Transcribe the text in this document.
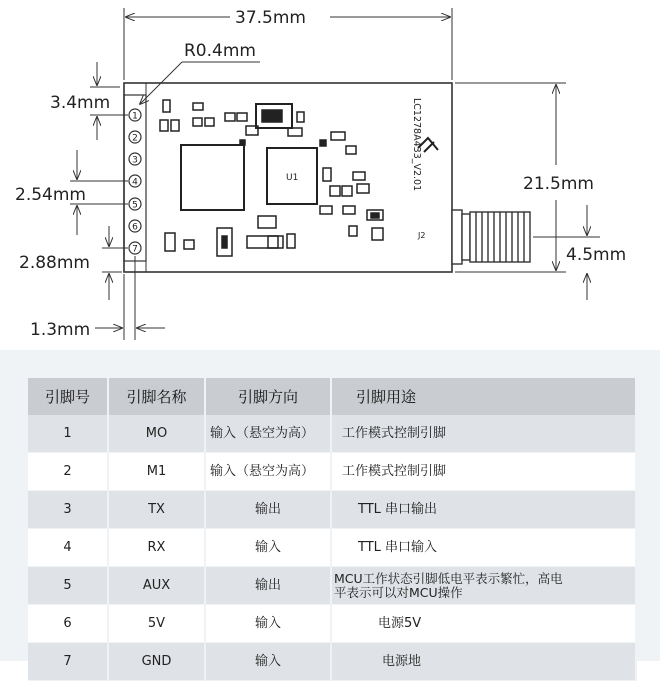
1
2
3
4
5
6
7
LC1278A433_V2.01
U1
J2
37.5mm
R0.4mm
3.4mm
2.54mm
2.88mm
1.3mm
21.5mm
4.5mm
引脚号	引脚名称	引脚方向	引脚用途
1	MO	输入（悬空为高）	工作模式控制引脚
2	M1	输入（悬空为高）	工作模式控制引脚
3	TX	输出	TTL 串口输出
4	RX	输入	TTL 串口输入
5	AUX	输出	MCU工作状态引脚低电平表示繁忙，高电
平表示可以对MCU操作
6	5V	输入	电源5V
7	GND	输入	电源地
